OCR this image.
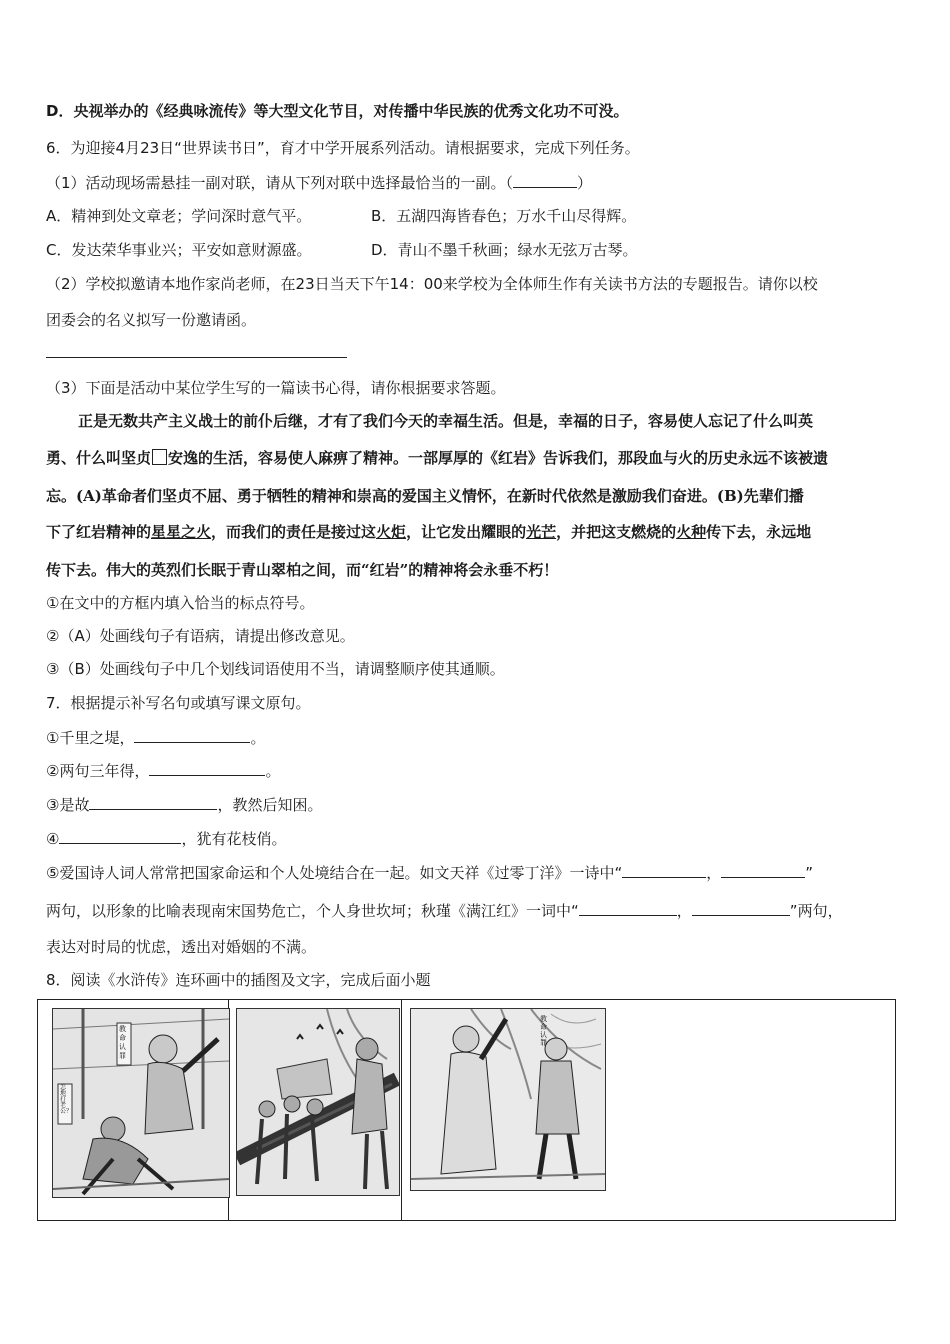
D．央视举办的《经典咏流传》等大型文化节目，对传播中华民族的优秀文化功不可没。
6．为迎接4月23日“世界读书日”，育才中学开展系列活动。请根据要求，完成下列任务。
（1）活动现场需悬挂一副对联，请从下列对联中选择最恰当的一副。（	）
A．精神到处文章老；学问深时意气平。	B．五湖四海皆春色；万水千山尽得辉。
C．发达荣华事业兴；平安如意财源盛。	D．青山不墨千秋画；绿水无弦万古琴。
（2）学校拟邀请本地作家尚老师，在23日当天下午14：00来学校为全体师生作有关读书方法的专题报告。请你以校
团委会的名义拟写一份邀请函。
（3）下面是活动中某位学生写的一篇读书心得，请你根据要求答题。
正是无数共产主义战士的前仆后继，才有了我们今天的幸福生活。但是，幸福的日子，容易使人忘记了什么叫英
勇、什么叫坚贞 安逸的生活，容易使人麻痹了精神。一部厚厚的《红岩》告诉我们，那段血与火的历史永远不该被遗
忘。(A)革命者们坚贞不屈、勇于牺牲的精神和崇高的爱国主义情怀，在新时代依然是激励我们奋进。(B)先辈们播
下了红岩精神的星星之火，而我们的责任是接过这火炬，让它发出耀眼的光芒，并把这支燃烧的火种传下去，永远地
传下去。伟大的英烈们长眠于青山翠柏之间，而“红岩”的精神将会永垂不朽！
①在文中的方框内填入恰当的标点符号。
②（A）处画线句子有语病，请提出修改意见。
③（B）处画线句子中几个划线词语使用不当，请调整顺序使其通顺。
7．根据提示补写名句或填写课文原句。
①千里之堤，	。
②两句三年得，	。
③是故	，教然后知困。
④	，犹有花枝俏。
⑤爱国诗人词人常常把国家命运和个人处境结合在一起。如文天祥《过零丁洋》一诗中“	，	”
两句，以形象的比喻表现南宋国势危亡，个人身世坎坷；秋瑾《满江红》一词中“	，	”两句，
表达对时局的忧虑，透出对婚姻的不满。
8．阅读《水浒传》连环画中的插图及文字，完成后面小题
教命认罪
怎地打老公？
教命认罪
